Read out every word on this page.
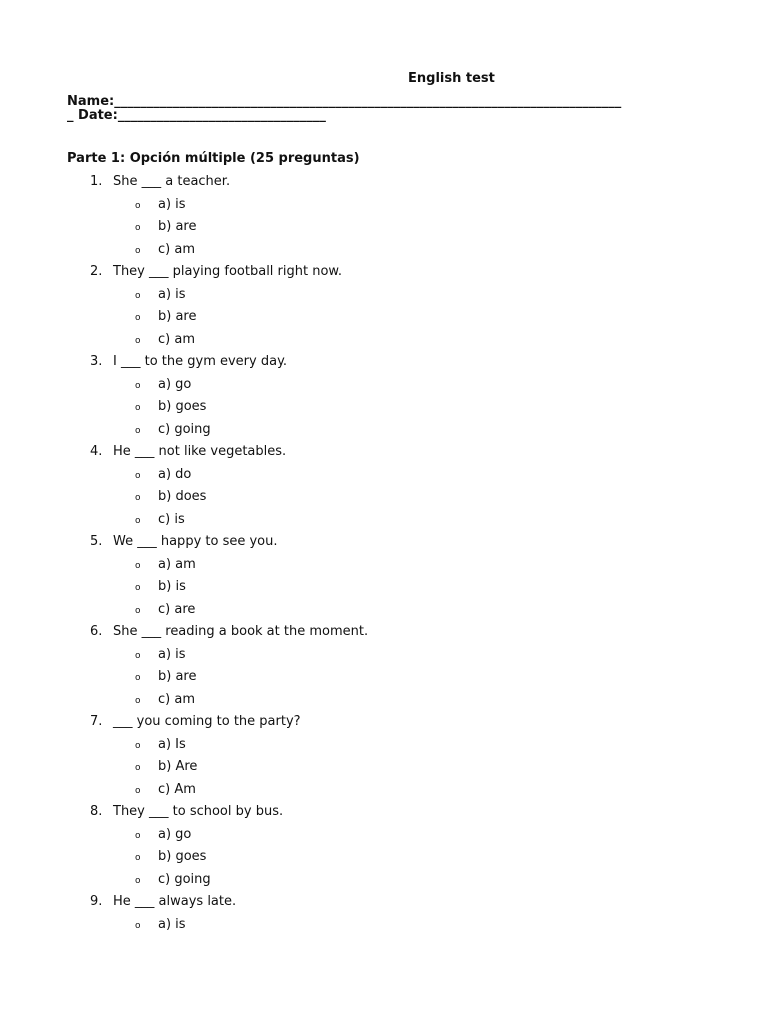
English test
Name:______________________________________________________________________________
_ Date:________________________________
Parte 1: Opción múltiple (25 preguntas)
1. She ___ a teacher.
o a) is
o b) are
o c) am
2. They ___ playing football right now.
o a) is
o b) are
o c) am
3. I ___ to the gym every day.
o a) go
o b) goes
o c) going
4. He ___ not like vegetables.
o a) do
o b) does
o c) is
5. We ___ happy to see you.
o a) am
o b) is
o c) are
6. She ___ reading a book at the moment.
o a) is
o b) are
o c) am
7. ___ you coming to the party?
o a) Is
o b) Are
o c) Am
8. They ___ to school by bus.
o a) go
o b) goes
o c) going
9. He ___ always late.
o a) is
